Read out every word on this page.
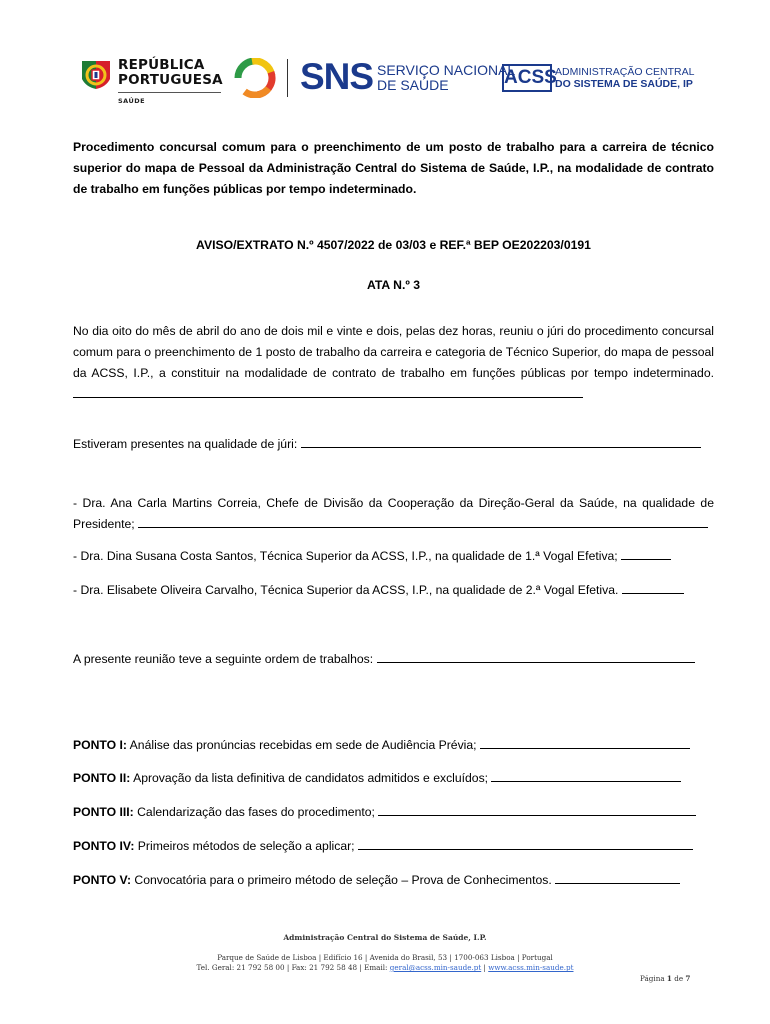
REPÚBLICA
PORTUGUESA
SAÚDE
SNS SERVIÇO NACIONAL
DE SAÚDE	ACSS
ADMINISTRAÇÃO CENTRAL
DO SISTEMA DE SAÚDE, IP
Procedimento concursal comum para o preenchimento de um posto de trabalho para a carreira de técnico superior do mapa de Pessoal da Administração Central do Sistema de Saúde, I.P., na modalidade de contrato de trabalho em funções públicas por tempo indeterminado.
AVISO/EXTRATO N.º 4507/2022 de 03/03 e REF.ª BEP OE202203/0191
ATA N.º 3
No dia oito do mês de abril do ano de dois mil e vinte e dois, pelas dez horas, reuniu o júri do procedimento concursal comum para o preenchimento de 1 posto de trabalho da carreira e categoria de Técnico Superior, do mapa de pessoal da ACSS, I.P., a constituir na modalidade de contrato de trabalho em funções públicas por tempo indeterminado.
Estiveram presentes na qualidade de júri:
- Dra. Ana Carla Martins Correia, Chefe de Divisão da Cooperação da Direção-Geral da Saúde, na qualidade de Presidente;
- Dra. Dina Susana Costa Santos, Técnica Superior da ACSS, I.P., na qualidade de 1.ª Vogal Efetiva;
- Dra. Elisabete Oliveira Carvalho, Técnica Superior da ACSS, I.P., na qualidade de 2.ª Vogal Efetiva.
A presente reunião teve a seguinte ordem de trabalhos:
PONTO I: Análise das pronúncias recebidas em sede de Audiência Prévia;
PONTO II: Aprovação da lista definitiva de candidatos admitidos e excluídos;
PONTO III: Calendarização das fases do procedimento;
PONTO IV: Primeiros métodos de seleção a aplicar;
PONTO V: Convocatória para o primeiro método de seleção – Prova de Conhecimentos.
Administração Central do Sistema de Saúde, I.P.
Parque de Saúde de Lisboa | Edifício 16 | Avenida do Brasil, 53 | 1700-063 Lisboa | Portugal
Tel. Geral: 21 792 58 00 | Fax: 21 792 58 48 | Email: geral@acss.min-saude.pt | www.acss.min-saude.pt
Página 1 de 7
